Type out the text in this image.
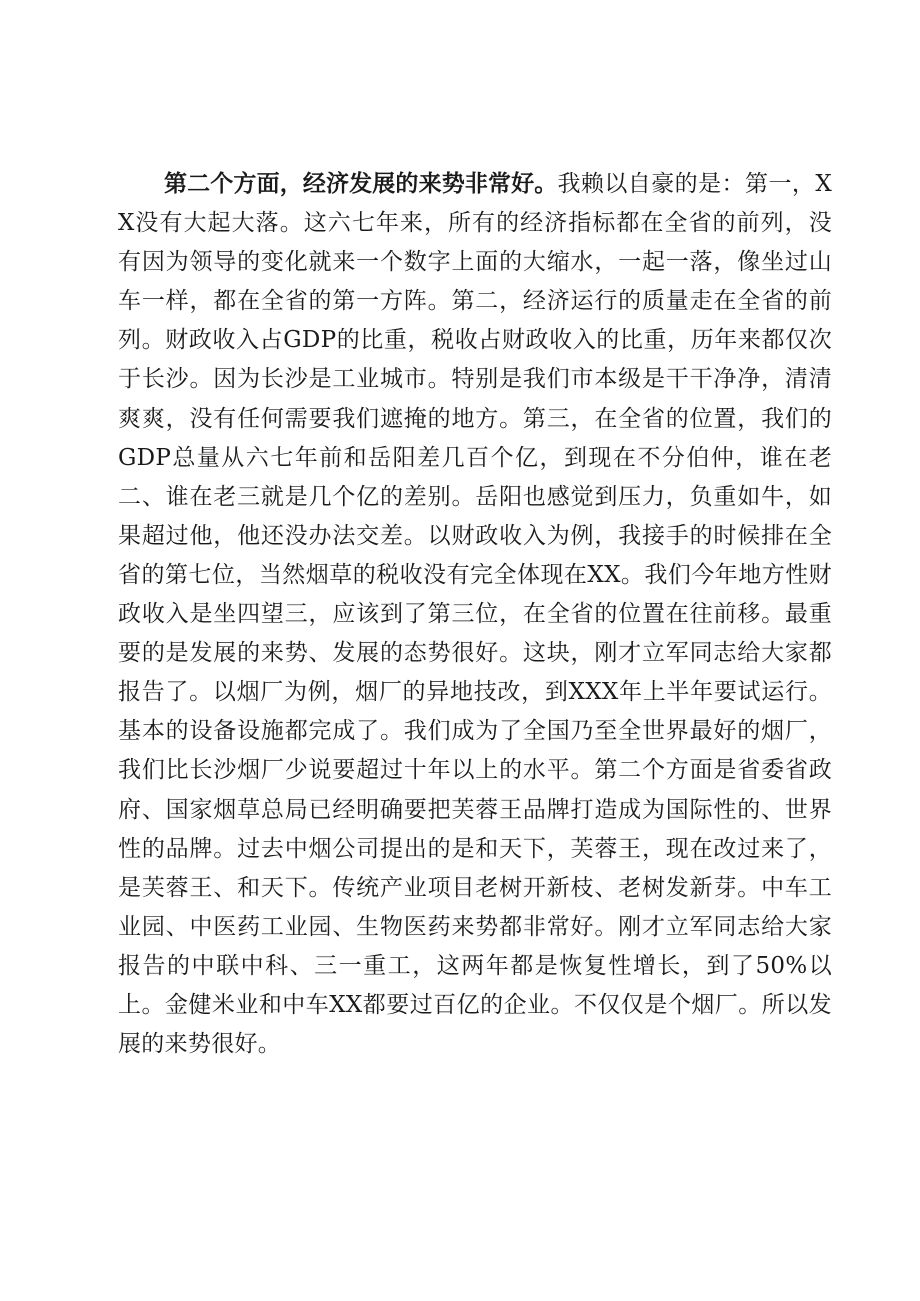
第二个方面，经济发展的来势非常好。我赖以自豪的是：第一，XX没有大起大落。这六七年来，所有的经济指标都在全省的前列，没有因为领导的变化就来一个数字上面的大缩水，一起一落，像坐过山车一样，都在全省的第一方阵。第二，经济运行的质量走在全省的前列。财政收入占GDP的比重，税收占财政收入的比重，历年来都仅次于长沙。因为长沙是工业城市。特别是我们市本级是干干净净，清清爽爽，没有任何需要我们遮掩的地方。第三，在全省的位置，我们的GDP总量从六七年前和岳阳差几百个亿，到现在不分伯仲，谁在老二、谁在老三就是几个亿的差别。岳阳也感觉到压力，负重如牛，如果超过他，他还没办法交差。以财政收入为例，我接手的时候排在全省的第七位，当然烟草的税收没有完全体现在XX。我们今年地方性财政收入是坐四望三，应该到了第三位，在全省的位置在往前移。最重要的是发展的来势、发展的态势很好。这块，刚才立军同志给大家都报告了。以烟厂为例，烟厂的异地技改，到XXX年上半年要试运行。基本的设备设施都完成了。我们成为了全国乃至全世界最好的烟厂，我们比长沙烟厂少说要超过十年以上的水平。第二个方面是省委省政府、国家烟草总局已经明确要把芙蓉王品牌打造成为国际性的、世界性的品牌。过去中烟公司提出的是和天下，芙蓉王，现在改过来了，是芙蓉王、和天下。传统产业项目老树开新枝、老树发新芽。中车工业园、中医药工业园、生物医药来势都非常好。刚才立军同志给大家报告的中联中科、三一重工，这两年都是恢复性增长，到了50%以上。金健米业和中车XX都要过百亿的企业。不仅仅是个烟厂。所以发展的来势很好。
